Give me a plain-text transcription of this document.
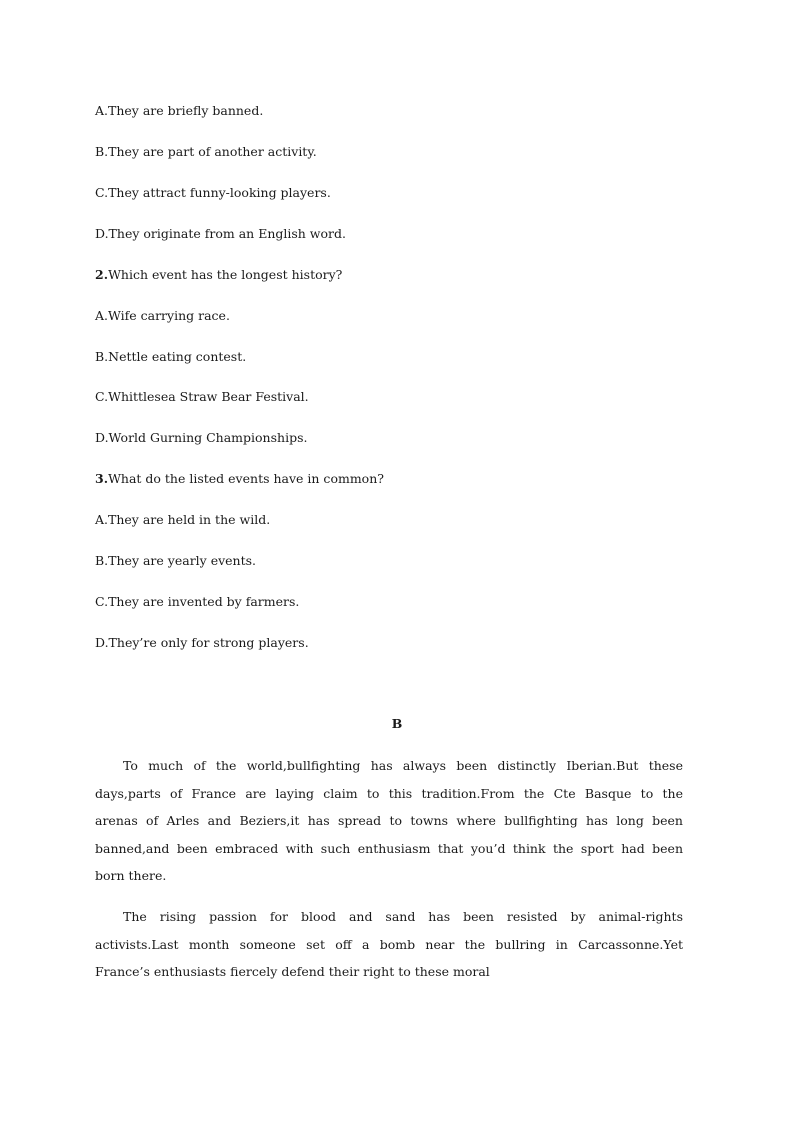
A.They are briefly banned.
B.They are part of another activity.
C.They attract funny-looking players.
D.They originate from an English word.
2.Which event has the longest history?
A.Wife carrying race.
B.Nettle eating contest.
C.Whittlesea Straw Bear Festival.
D.World Gurning Championships.
3.What do the listed events have in common?
A.They are held in the wild.
B.They are yearly events.
C.They are invented by farmers.
D.They’re only for strong players.
B
To much of the world,bullfighting has always been distinctly Iberian.But these
days,parts of France are laying claim to this tradition.From the Cte Basque to the
arenas of Arles and Beziers,it has spread to towns where bullfighting has long been
banned,and been embraced with such enthusiasm that you’d think the sport had been
born there.
The rising passion for blood and sand has been resisted by animal-rights
activists.Last month someone set off a bomb near the bullring in Carcassonne.Yet
France’s enthusiasts fiercely defend their right to these moral
